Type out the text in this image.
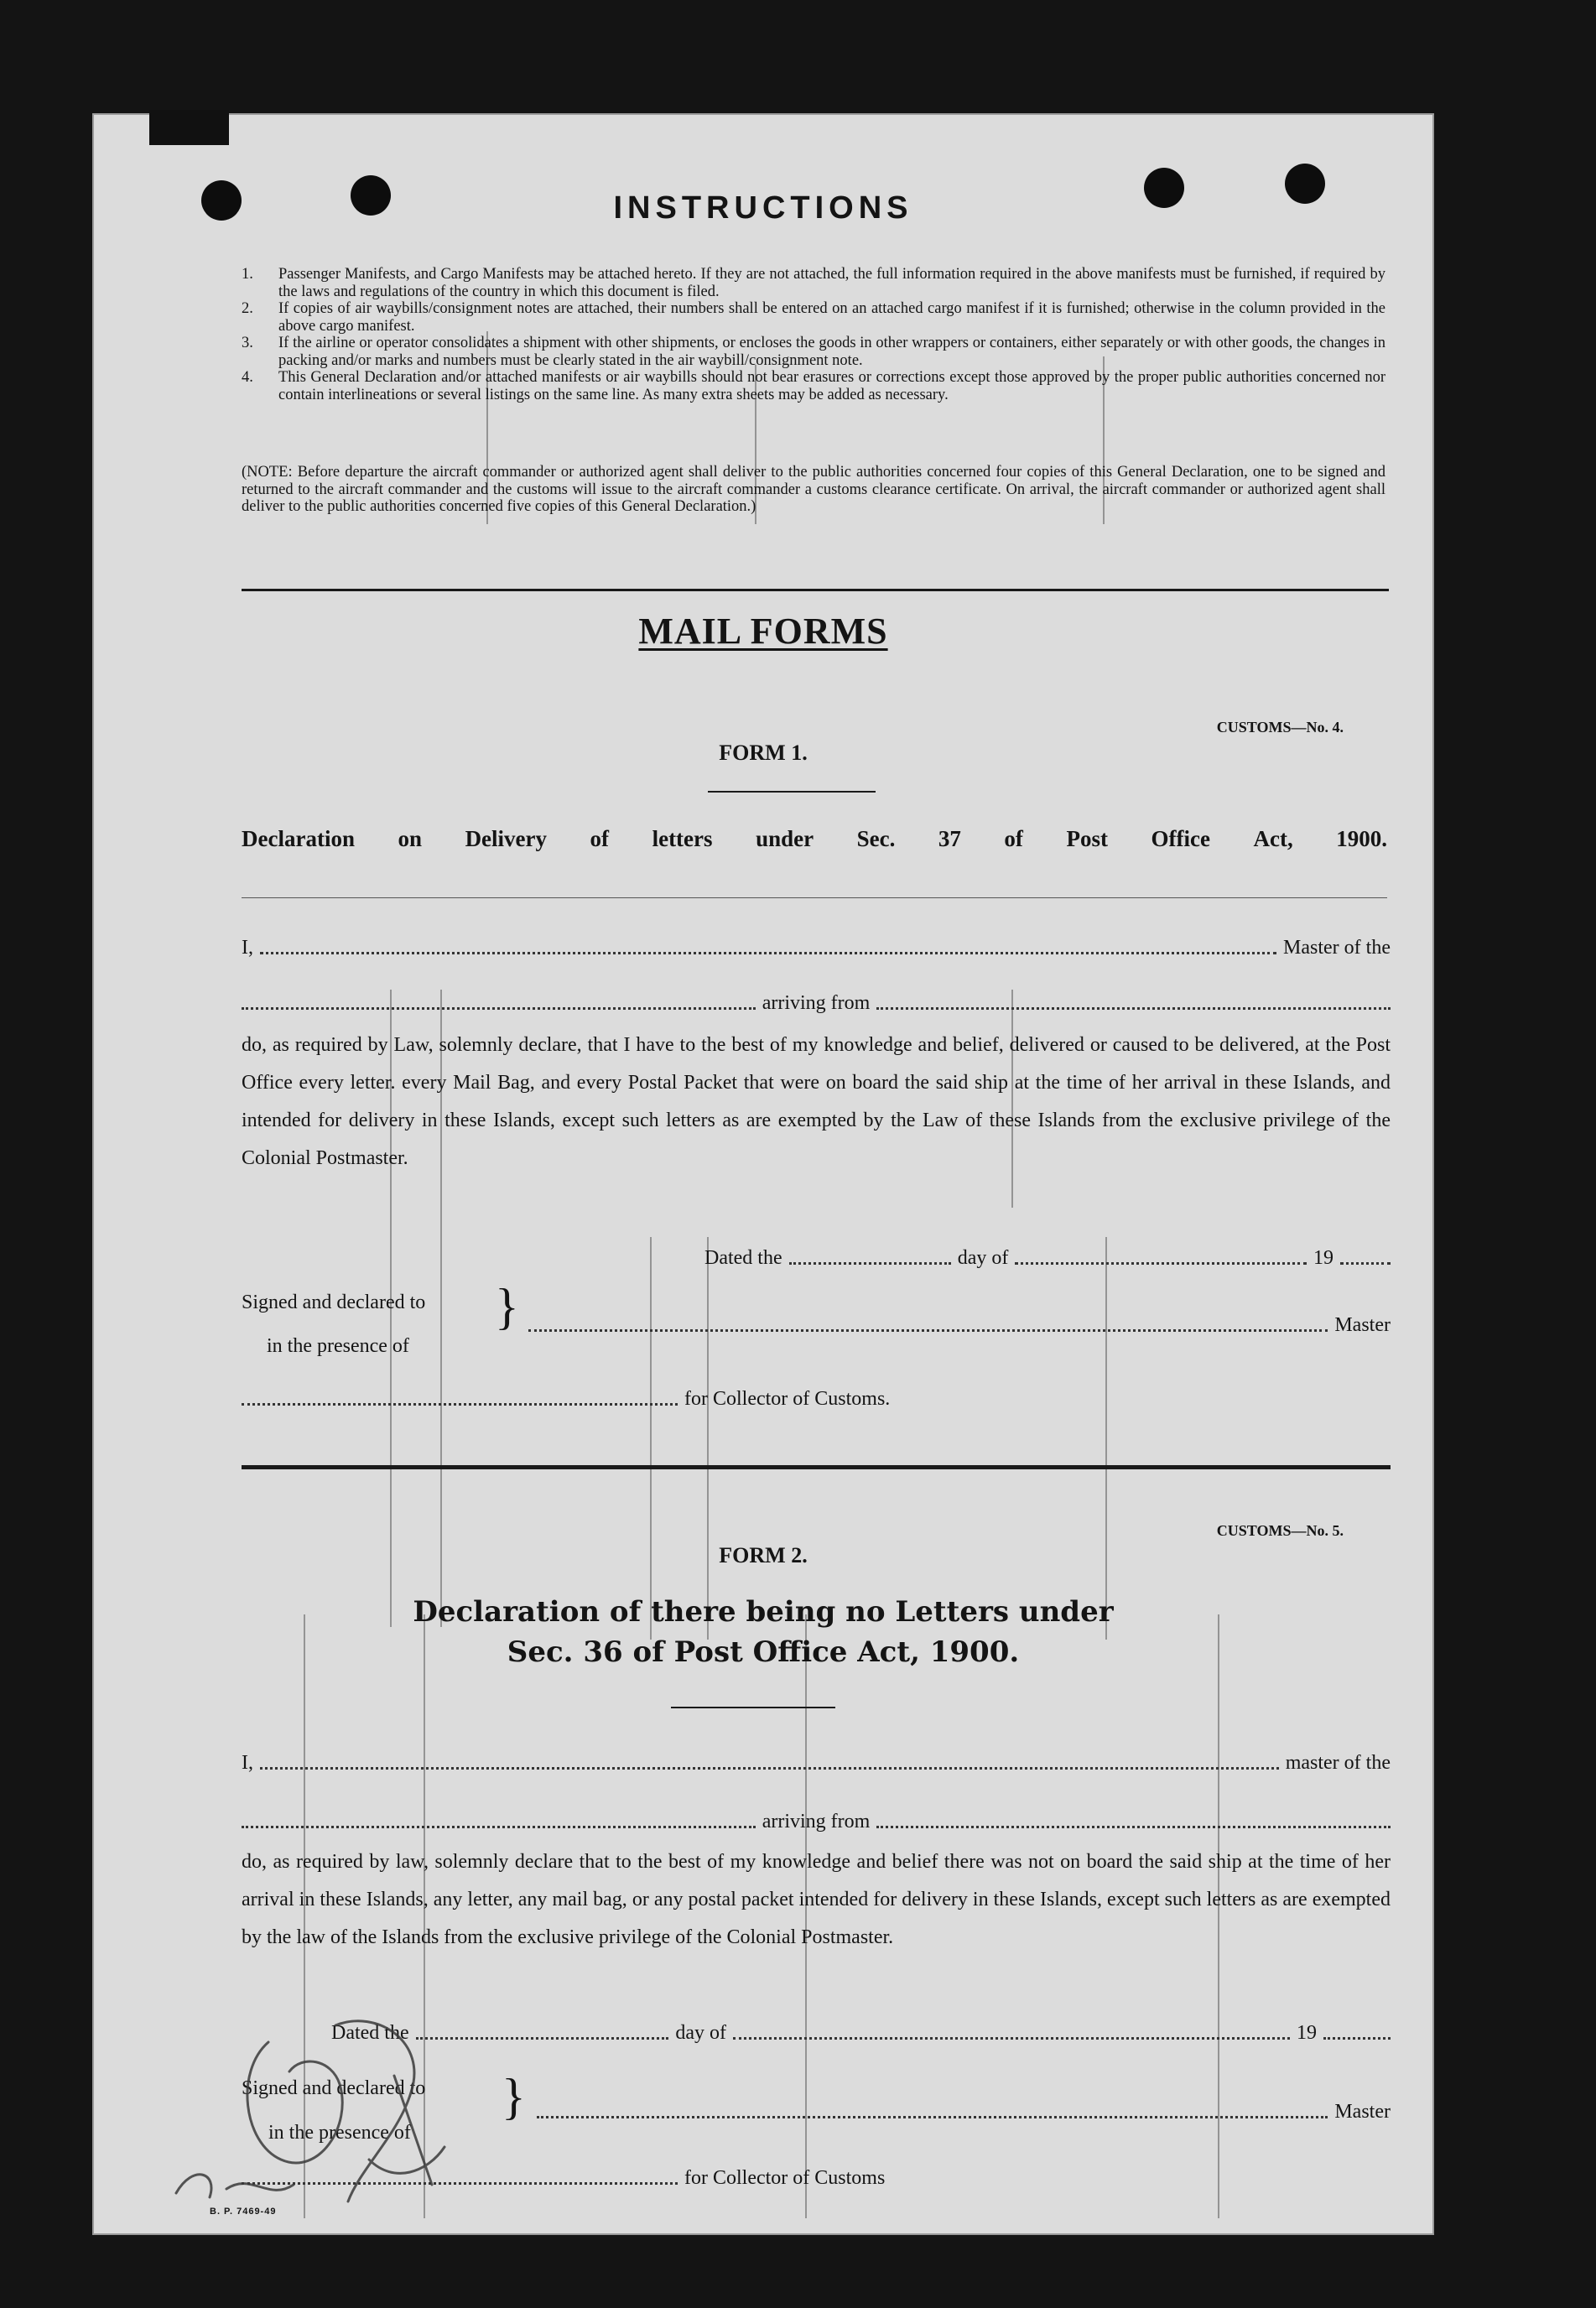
INSTRUCTIONS
1.	Passenger Manifests, and Cargo Manifests may be attached hereto. If they are not attached, the full information required in the above manifests must be furnished, if required by the laws and regulations of the country in which this document is filed.
2.	If copies of air waybills/consignment notes are attached, their numbers shall be entered on an attached cargo manifest if it is furnished; otherwise in the column provided in the above cargo manifest.
3.	If the airline or operator consolidates a shipment with other shipments, or encloses the goods in other wrappers or containers, either separately or with other goods, the changes in packing and/or marks and numbers must be clearly stated in the air waybill/consignment note.
4.	This General Declaration and/or attached manifests or air waybills should not bear erasures or corrections except those approved by the proper public authorities concerned nor contain interlineations or several listings on the same line. As many extra sheets may be added as necessary.
(NOTE: Before departure the aircraft commander or authorized agent shall deliver to the public authorities concerned four copies of this General Declaration, one to be signed and returned to the aircraft commander and the customs will issue to the aircraft commander a customs clearance certificate. On arrival, the aircraft commander or authorized agent shall deliver to the public authorities concerned five copies of this General Declaration.)
MAIL FORMS
CUSTOMS—No. 4.
FORM 1.
Declaration on Delivery of letters under Sec. 37 of Post Office Act, 1900.
I,	Master of the
arriving from
do, as required by Law, solemnly declare, that I have to the best of my knowledge and belief, delivered or caused to be delivered, at the Post Office every letter. every Mail Bag, and every Postal Packet that were on board the said ship at the time of her arrival in these Islands, and intended for delivery in these Islands, except such letters as are exempted by the Law of these Islands from the exclusive privilege of the Colonial Postmaster.
Dated the	day of	19
Signed and declared to
in the presence of
}	Master
for Collector of Customs.
CUSTOMS—No. 5.
FORM 2.
Declaration of there being no Letters under
Sec. 36 of Post Office Act, 1900.
I,	master of the
arriving from
do, as required by law, solemnly declare that to the best of my knowledge and belief there was not on board the said ship at the time of her arrival in these Islands, any letter, any mail bag, or any postal packet intended for delivery in these Islands, except such letters as are exempted by the law of the Islands from the exclusive privilege of the Colonial Postmaster.
Dated the	day of	19
Signed and declared to
in the presence of
}	Master
for Collector of Customs
B. P. 7469-49
